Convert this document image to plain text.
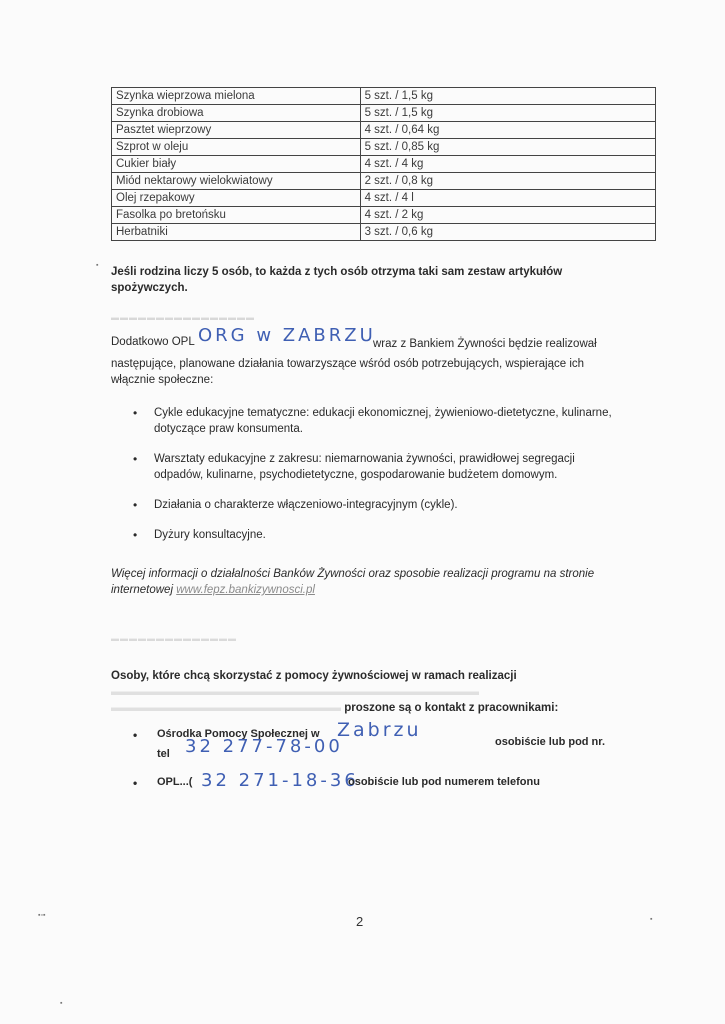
Szynka wieprzowa mielona	5 szt. / 1,5 kg
Szynka drobiowa	5 szt. / 1,5 kg
Pasztet wieprzowy	4 szt. / 0,64 kg
Szprot w oleju	5 szt. / 0,85 kg
Cukier biały	4 szt. / 4 kg
Miód nektarowy wielokwiatowy	2 szt. / 0,8 kg
Olej rzepakowy	4 szt. / 4 l
Fasolka po bretońsku	4 szt. / 2 kg
Herbatniki	3 szt. / 0,6 kg
Jeśli rodzina liczy 5 osób, to każda z tych osób otrzyma taki sam zestaw artykułów spożywczych.
▬▬▬▬▬▬▬▬▬▬▬▬▬▬▬▬
Dodatkowo OPL ORG w ZABRZU
wraz z Bankiem Żywności będzie realizował
następujące, planowane działania towarzyszące wśród osób potrzebujących, wspierające ich włącznie społeczne:
• Cykle edukacyjne tematyczne: edukacji ekonomicznej, żywieniowo-dietetyczne, kulinarne, dotyczące praw konsumenta.
• Warsztaty edukacyjne z zakresu: niemarnowania żywności, prawidłowej segregacji odpadów, kulinarne, psychodietetyczne, gospodarowanie budżetem domowym.
• Działania o charakterze włączeniowo-integracyjnym (cykle).
• Dyżury konsultacyjne.
Więcej informacji o działalności Banków Żywności oraz sposobie realizacji programu na stronie internetowej www.fepz.bankizywnosci.pl
▬▬▬▬▬▬▬▬▬▬▬▬▬▬
Osoby, które chcą skorzystać z pomocy żywnościowej w ramach realizacji
▬▬▬▬▬▬▬▬▬▬▬▬▬▬▬▬▬▬▬▬▬▬▬▬▬▬▬▬▬▬▬▬
▬▬▬▬▬▬▬▬▬▬▬▬▬▬▬▬▬▬▬▬ proszone są o kontakt z pracownikami:
• Ośrodka Pomocy Społecznej w Zabrzu
osobiście lub pod nr.
tel 32 277-78-00
• OPL...( 32 271-18-36
osobiście lub pod numerem telefonu
2
▪▫▪
▪
▪
▪
